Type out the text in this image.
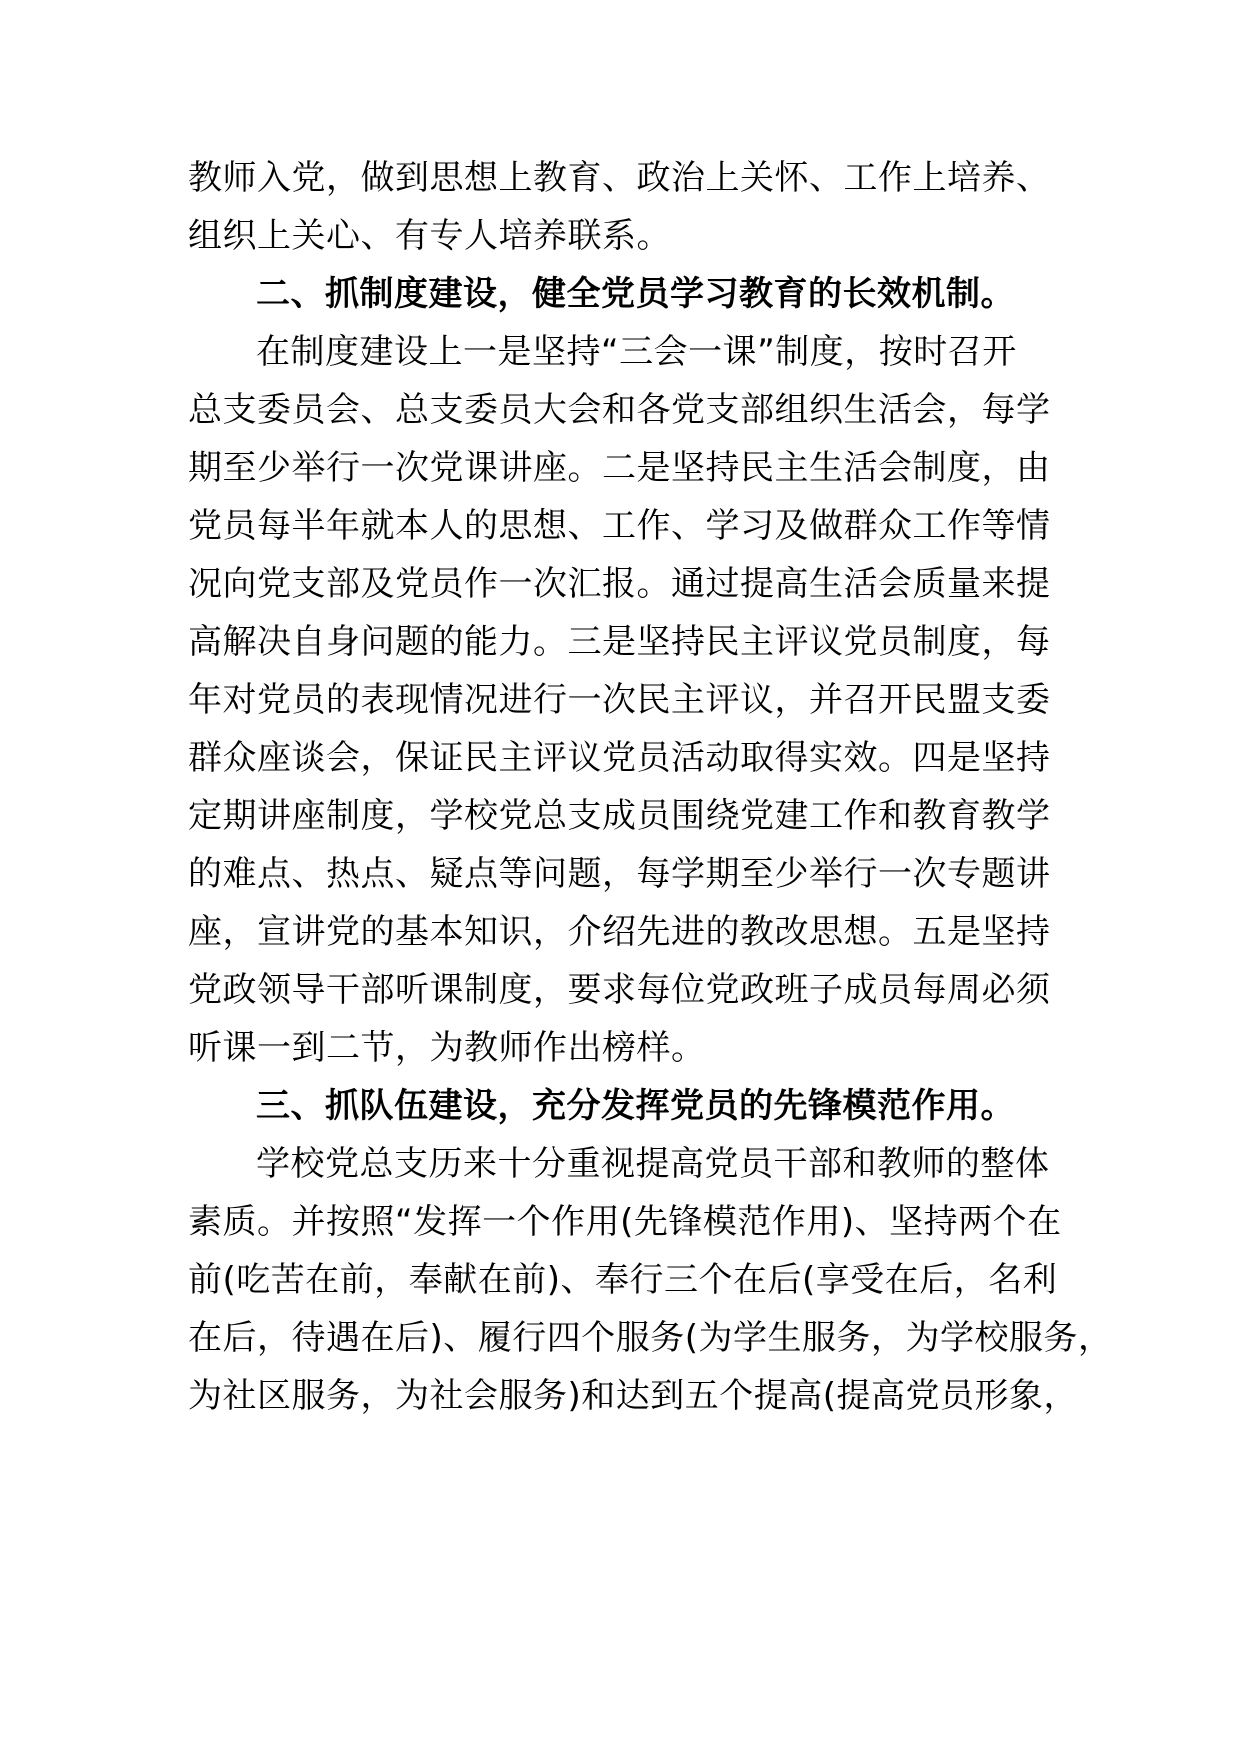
教师入党，做到思想上教育、政治上关怀、工作上培养、

组织上关心、有专人培养联系。

二、抓制度建设，健全党员学习教育的长效机制。

在制度建设上一是坚持“三会一课”制度，按时召开

总支委员会、总支委员大会和各党支部组织生活会，每学

期至少举行一次党课讲座。二是坚持民主生活会制度，由

党员每半年就本人的思想、工作、学习及做群众工作等情

况向党支部及党员作一次汇报。通过提高生活会质量来提

高解决自身问题的能力。三是坚持民主评议党员制度，每

年对党员的表现情况进行一次民主评议，并召开民盟支委

群众座谈会，保证民主评议党员活动取得实效。四是坚持

定期讲座制度，学校党总支成员围绕党建工作和教育教学

的难点、热点、疑点等问题，每学期至少举行一次专题讲

座，宣讲党的基本知识，介绍先进的教改思想。五是坚持

党政领导干部听课制度，要求每位党政班子成员每周必须

听课一到二节，为教师作出榜样。

三、抓队伍建设，充分发挥党员的先锋模范作用。

学校党总支历来十分重视提高党员干部和教师的整体

素质。并按照“发挥一个作用(先锋模范作用)、坚持两个在

前(吃苦在前，奉献在前)、奉行三个在后(享受在后，名利

在后，待遇在后)、履行四个服务(为学生服务，为学校服务，

为社区服务，为社会服务)和达到五个提高(提高党员形象，
